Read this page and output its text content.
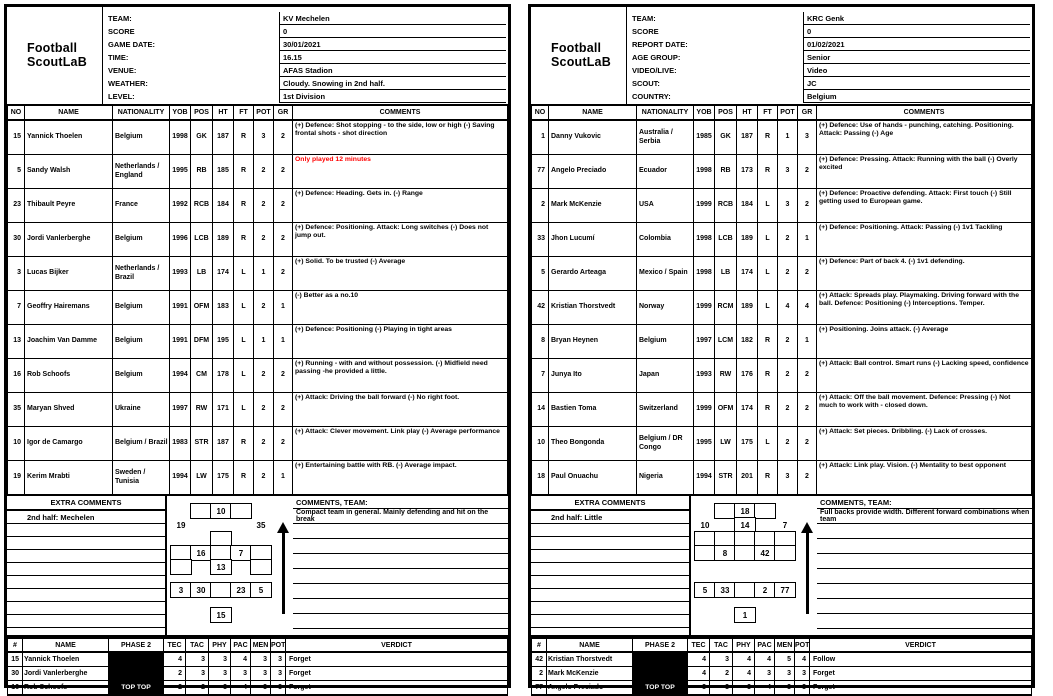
Football
ScoutLaB
TEAM:	KV Mechelen
SCORE	0
GAME DATE:	30/01/2021
TIME:	16.15
VENUE:	AFAS Stadion
WEATHER:	Cloudy. Snowing in 2nd half.
LEVEL:	1st Division
NO	NAME	NATIONALITY	YOB	POS	HT	FT	POT	GR	COMMENTS
15	Yannick Thoelen	Belgium	1998	GK	187	R	3	2	(+) Defence: Shot stopping - to the side, low or high (-) Saving frontal shots - shot direction
5	Sandy Walsh	Netherlands / England	1995	RB	185	R	2	2	Only played 12 minutes
23	Thibault Peyre	France	1992	RCB	184	R	2	2	(+) Defence: Heading. Gets in. (-) Range
30	Jordi Vanlerberghe	Belgium	1996	LCB	189	R	2	2	(+) Defence: Positioning. Attack: Long switches (-) Does not jump out.
3	Lucas Bijker	Netherlands / Brazil	1993	LB	174	L	1	2	(+) Solid. To be trusted (-) Average
7	Geoffry Hairemans	Belgium	1991	OFM	183	L	2	1	(-) Better as a no.10
13	Joachim Van Damme	Belgium	1991	DFM	195	L	1	1	(+) Defence: Positioning (-) Playing in tight areas
16	Rob Schoofs	Belgium	1994	CM	178	L	2	2	(+) Running - with and without possession. (-) Midfield need passing -he provided a little.
35	Maryan Shved	Ukraine	1997	RW	171	L	2	2	(+) Attack: Driving the ball forward (-) No right foot.
10	Igor de Camargo	Belgium / Brazil	1983	STR	187	R	2	2	(+) Attack: Clever movement. Link play (-) Average performance
19	Kerim Mrabti	Sweden / Tunisia	1994	LW	175	R	2	1	(+) Entertaining battle with RB. (-) Average impact.
EXTRA COMMENTS
2nd half: Mechelen
10
19	35
16	7
13
3	30	23	5
15
COMMENTS, TEAM:
Compact team in general. Mainly defending and hit on the break
#	NAME	PHASE 2	TEC	TAC	PHY	PAC	MEN	POT	VERDICT
15	Yannick Thoelen		4	3	3	4	3	3	Forget
30	Jordi Vanlerberghe		2	3	3	3	3	3	Forget
16	Rob Schoofs	TOP TOP	2	2	3	4	3	3	Forget
Football
ScoutLaB
TEAM:	KRC Genk
SCORE	0
REPORT DATE:	01/02/2021
AGE GROUP:	Senior
VIDEO/LIVE:	Video
SCOUT:	JC
COUNTRY:	Belgium
NO	NAME	NATIONALITY	YOB	POS	HT	FT	POT	GR	COMMENTS
1	Danny Vukovic	Australia / Serbia	1985	GK	187	R	1	3	(+) Defence: Use of hands - punching, catching. Positioning. Attack: Passing (-) Age
77	Angelo Preciado	Ecuador	1998	RB	173	R	3	2	(+) Defence: Pressing. Attack: Running with the ball (-) Overly excited
2	Mark McKenzie	USA	1999	RCB	184	L	3	2	(+) Defence: Proactive defending. Attack: First touch (-) Still getting used to European game.
33	Jhon Lucumí	Colombia	1998	LCB	189	L	2	1	(+) Defence: Positioning. Attack: Passing (-) 1v1 Tackling
5	Gerardo Arteaga	Mexico / Spain	1998	LB	174	L	2	2	(+) Defence: Part of back 4. (-) 1v1 defending.
42	Kristian Thorstvedt	Norway	1999	RCM	189	L	4	4	(+) Attack: Spreads play. Playmaking. Driving forward with the ball. Defence: Positioning (-) Interceptions. Temper.
8	Bryan Heynen	Belgium	1997	LCM	182	R	2	1	(+) Positioning. Joins attack. (-) Average
7	Junya Ito	Japan	1993	RW	176	R	2	2	(+) Attack: Ball control. Smart runs (-) Lacking speed, confidence
14	Bastien Toma	Switzerland	1999	OFM	174	R	2	2	(+) Attack: Off the ball movement. Defence: Pressing (-) Not much to work with - closed down.
10	Theo Bongonda	Belgium / DR Congo	1995	LW	175	L	2	2	(+) Attack: Set pieces. Dribbling. (-) Lack of crosses.
18	Paul Onuachu	Nigeria	1994	STR	201	R	3	2	(+) Attack: Link play. Vision. (-) Mentality to best opponent
EXTRA COMMENTS
2nd half: Little
18
10	14	7
8	42
5	33	2	77
1
COMMENTS, TEAM:
Full backs provide width. Different forward combinations when team
#	NAME	PHASE 2	TEC	TAC	PHY	PAC	MEN	POT	VERDICT
42	Kristian Thorstvedt		4	3	4	4	5	4	Follow
2	Mark McKenzie		4	2	4	3	3	3	Forget
77	Angelo Preciado	TOP TOP	3	3	3	4	3	3	Forget
